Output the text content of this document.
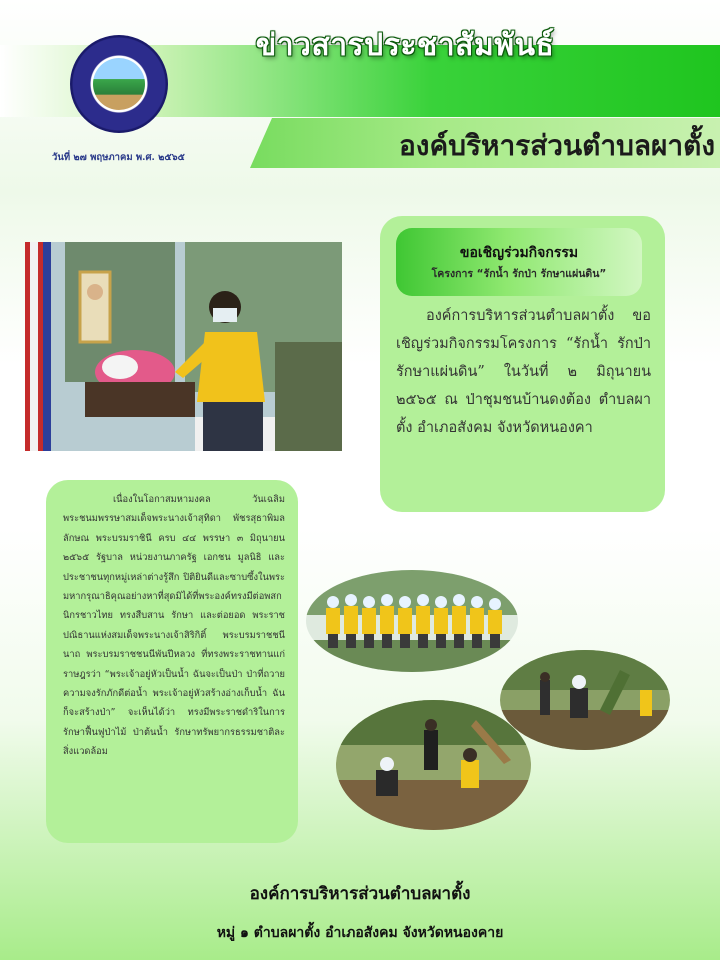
ข่าวสารประชาสัมพันธ์
องค์บริหารส่วนตำบลผาตั้ง
วันที่ ๒๗ พฤษภาคม พ.ศ. ๒๕๖๕
ขอเชิญร่วมกิจกรรม
โครงการ “รักน้ำ รักป่า รักษาแผ่นดิน”
องค์การบริหารส่วนตำบลผาตั้ง ขอเชิญร่วมกิจกรรมโครงการ “รักน้ำ รักป่า รักษาแผ่นดิน” ในวันที่ ๒ มิถุนายน ๒๕๖๕ ณ ป่าชุมชนบ้านดงต้อง ตำบลผาตั้ง อำเภอสังคม จังหวัดหนองคา
เนื่องในโอกาสมหามงคล วันเฉลิมพระชนมพรรษาสมเด็จพระนางเจ้าสุทิดา พัชรสุธาพิมลลักษณ พระบรมราชินี ครบ ๔๔ พรรษา ๓ มิถุนายน ๒๕๖๕ รัฐบาล หน่วยงานภาครัฐ เอกชน มูลนิธิ และประชาชนทุกหมู่เหล่าต่างรู้สึก ปิติยินดีและซาบซึ้งในพระมหากรุณาธิคุณอย่างหาที่สุดมิได้ที่พระองค์ทรงมีต่อพสกนิกรชาวไทย ทรงสืบสาน รักษา และต่อยอด พระราชปณิธานแห่งสมเด็จพระนางเจ้าสิริกิติ์ พระบรมราชชนีนาถ พระบรมราชชนนีพันปีหลวง ที่ทรงพระราชทานแก่ราษฎรว่า “พระเจ้าอยู่หัวเป็นน้ำ ฉันจะเป็นป่า ป่าที่ถวายความจงรักภักดีต่อน้ำ พระเจ้าอยู่หัวสร้างอ่างเก็บน้ำ ฉันก็จะสร้างป่า” จะเห็นได้ว่า ทรงมีพระราชดำริในการรักษาฟื้นฟูป่าไม้ ป่าต้นน้ำ รักษาทรัพยากรธรรมชาติละสิ่งแวดล้อม
องค์การบริหารส่วนตำบลผาตั้ง
หมู่ ๑ ตำบลผาตั้ง อำเภอสังคม จังหวัดหนองคาย
